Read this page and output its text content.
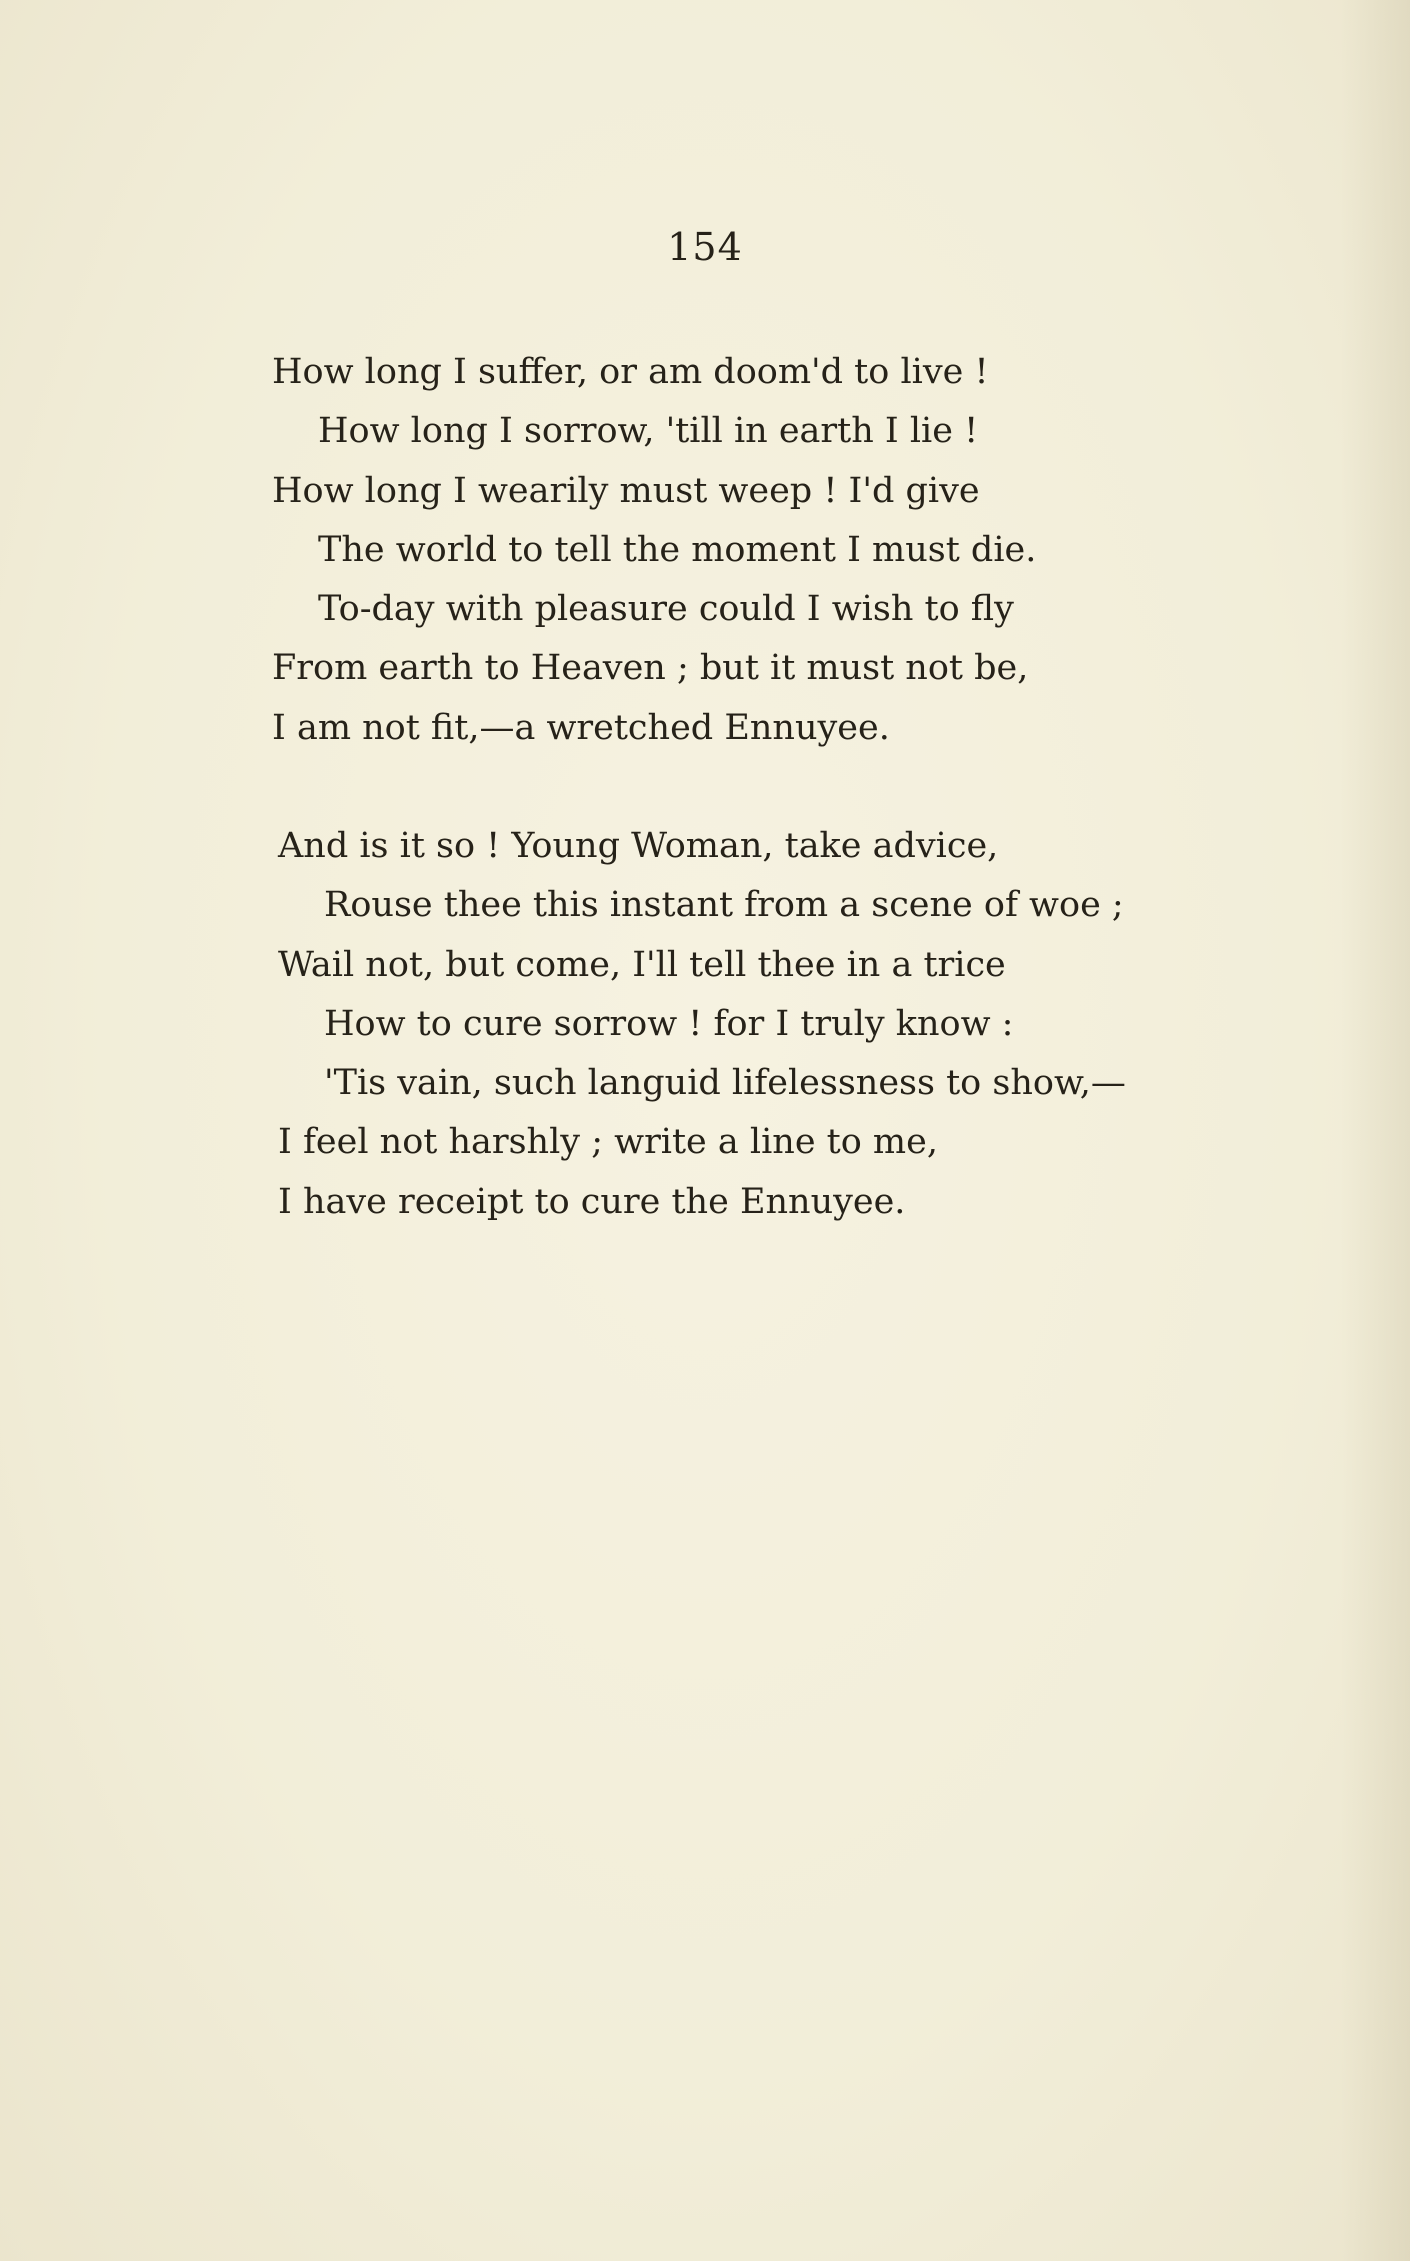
154
How long I suffer, or am doom'd to live !
How long I sorrow, 'till in earth I lie !
How long I wearily must weep ! I'd give
The world to tell the moment I must die.
To-day with pleasure could I wish to fly
From earth to Heaven ; but it must not be,
I am not fit,—a wretched Ennuyee.
And is it so ! Young Woman, take advice,
Rouse thee this instant from a scene of woe ;
Wail not, but come, I'll tell thee in a trice
How to cure sorrow ! for I truly know :
'Tis vain, such languid lifelessness to show,—
I feel not harshly ; write a line to me,
I have receipt to cure the Ennuyee.
